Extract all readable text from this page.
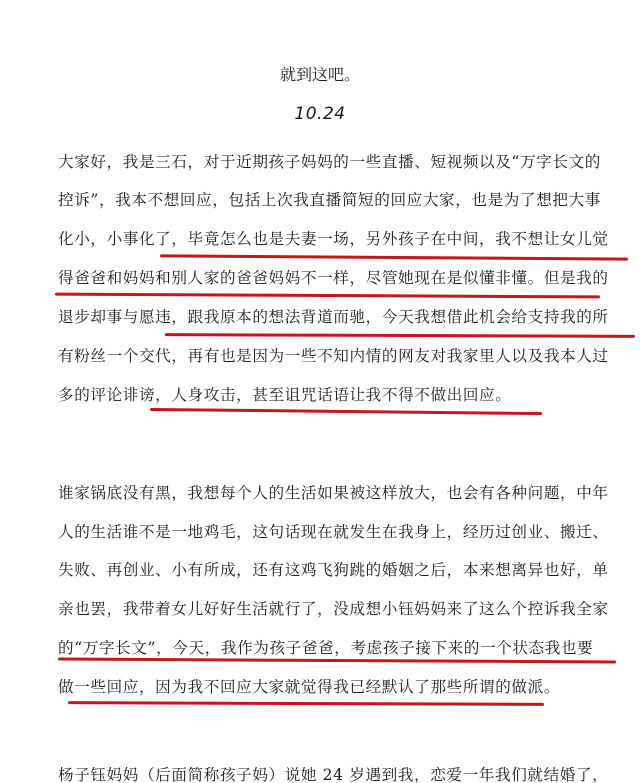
就到这吧。
10.24
大家好，我是三石，对于近期孩子妈妈的一些直播、短视频以及“万字长文的
控诉”，我本不想回应，包括上次我直播简短的回应大家，也是为了想把大事
化小，小事化了，毕竟怎么也是夫妻一场，另外孩子在中间，我不想让女儿觉
得爸爸和妈妈和别人家的爸爸妈妈不一样，尽管她现在是似懂非懂。但是我的
退步却事与愿违，跟我原本的想法背道而驰，今天我想借此机会给支持我的所
有粉丝一个交代，再有也是因为一些不知内情的网友对我家里人以及我本人过
多的评论诽谤，人身攻击，甚至诅咒话语让我不得不做出回应。
谁家锅底没有黑，我想每个人的生活如果被这样放大，也会有各种问题，中年
人的生活谁不是一地鸡毛，这句话现在就发生在我身上，经历过创业、搬迁、
失败、再创业、小有所成，还有这鸡飞狗跳的婚姻之后，本来想离异也好，单
亲也罢，我带着女儿好好生活就行了，没成想小钰妈妈来了这么个控诉我全家
的“万字长文”，今天，我作为孩子爸爸，考虑孩子接下来的一个状态我也要
做一些回应，因为我不回应大家就觉得我已经默认了那些所谓的做派。
杨子钰妈妈（后面简称孩子妈）说她 24 岁遇到我，恋爱一年我们就结婚了，
